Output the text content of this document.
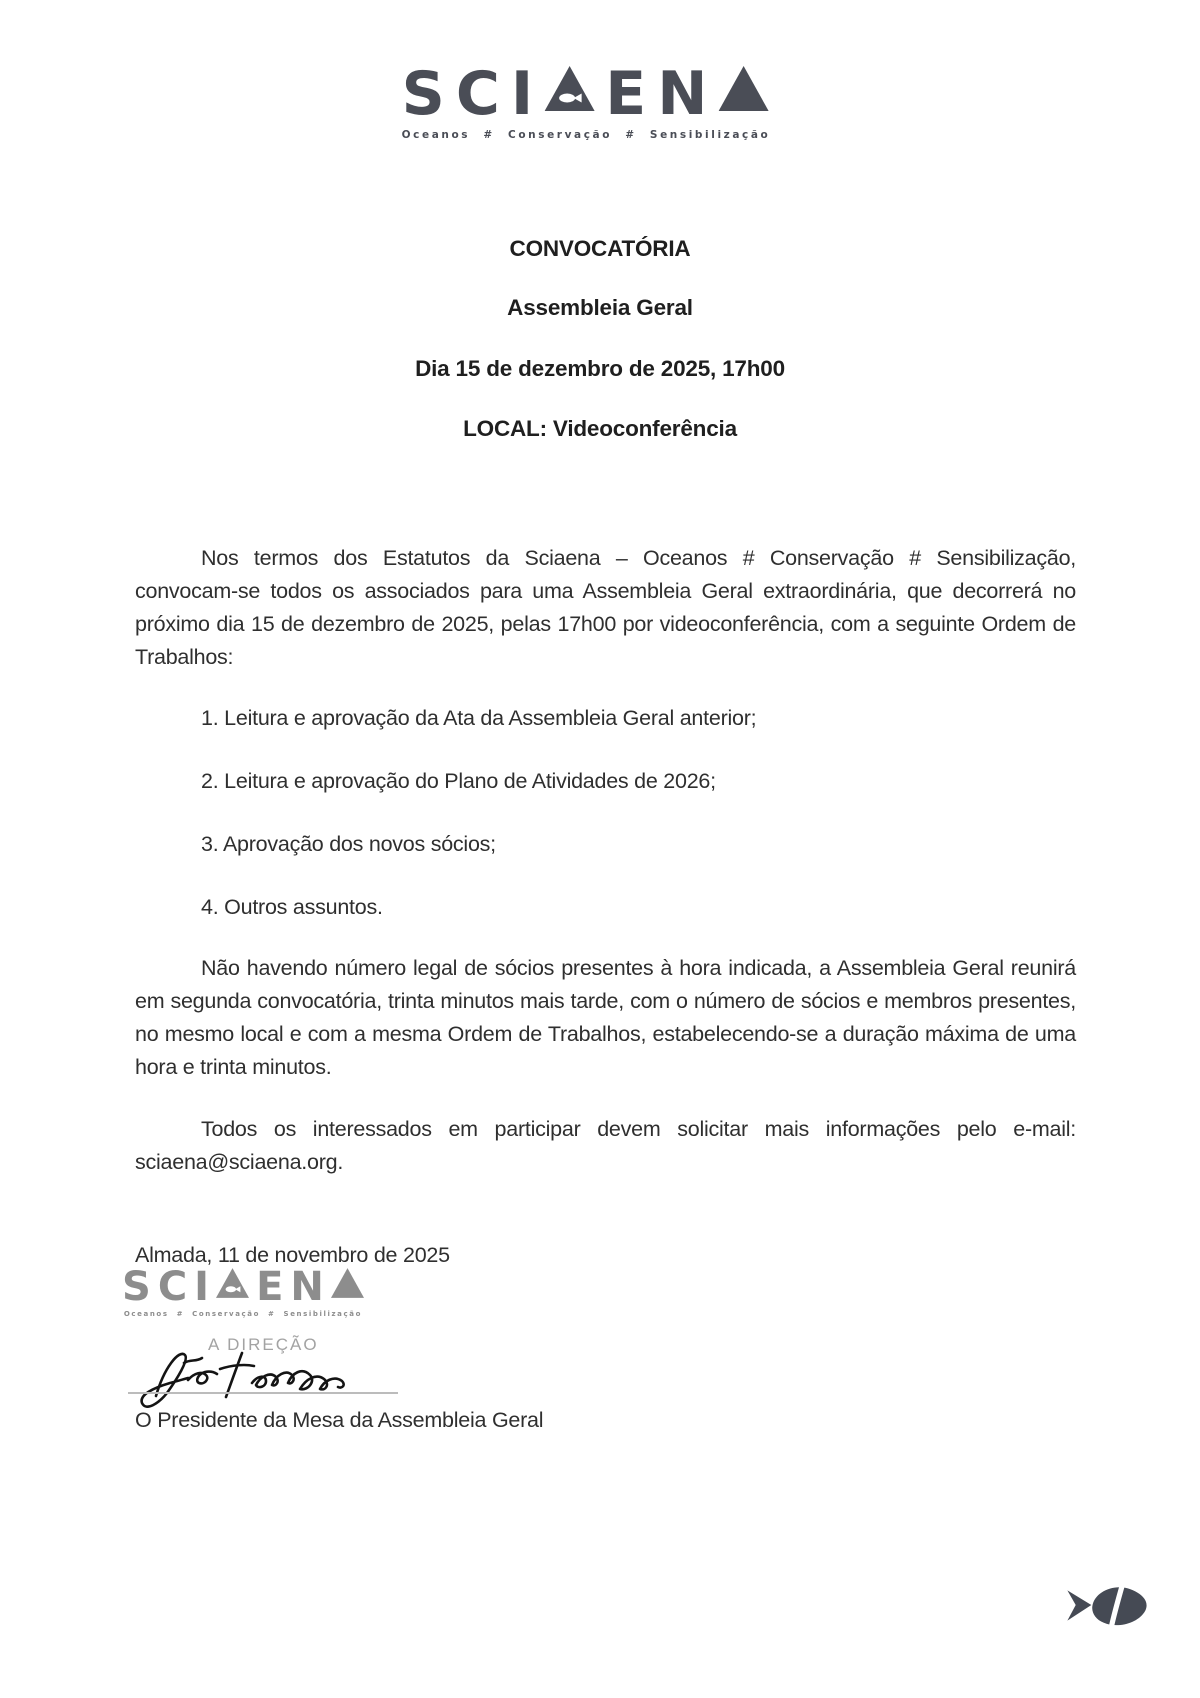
S C I E N
Oceanos # Conservação # Sensibilização
CONVOCATÓRIA
Assembleia Geral
Dia 15 de dezembro de 2025, 17h00
LOCAL: Videoconferência
Nos termos dos Estatutos da Sciaena – Oceanos # Conservação # Sensibilização, convocam-se todos os associados para uma Assembleia Geral extraordinária, que decorrerá no próximo dia 15 de dezembro de 2025, pelas 17h00 por videoconferência, com a seguinte Ordem de Trabalhos:
1. Leitura e aprovação da Ata da Assembleia Geral anterior;
2. Leitura e aprovação do Plano de Atividades de 2026;
3. Aprovação dos novos sócios;
4. Outros assuntos.
Não havendo número legal de sócios presentes à hora indicada, a Assembleia Geral reunirá em segunda convocatória, trinta minutos mais tarde, com o número de sócios e membros presentes, no mesmo local e com a mesma Ordem de Trabalhos, estabelecendo-se a duração máxima de uma hora e trinta minutos.
Todos os interessados em participar devem solicitar mais informações pelo e-mail: sciaena@sciaena.org.
Almada, 11 de novembro de 2025
S C I E N
Oceanos # Conservação # Sensibilização
A DIREÇÃO
O Presidente da Mesa da Assembleia Geral
